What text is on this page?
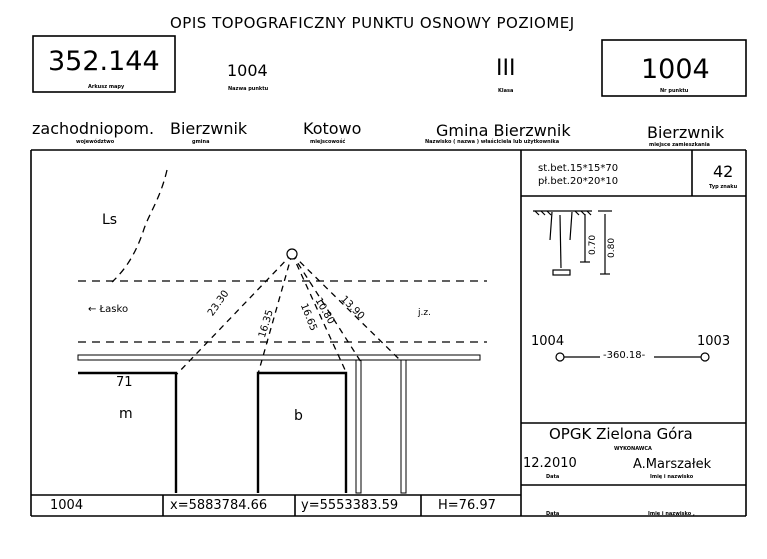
OPIS TOPOGRAFICZNY PUNKTU OSNOWY POZIOMEJ
352.144
Arkusz mapy
1004
Nazwa punktu
III
Klasa
1004
Nr punktu
zachodniopom. Bierzwnik
województwo	gmina
Kotowo
miejscowość
Gmina Bierzwnik
Nazwisko ( nazwa ) właściciela lub użytkownika	Bierzwnik
miejsce zamieszkania
Ls
← Łasko	j.z.
71
m	b
23.30
16.35 16.65
10.80 13.90
st.bet.15*15*70
pł.bet.20*20*10
42
Typ znaku
0.70 0.80
1004	1003
-360.18-
OPGK Zielona Góra
WYKONAWCA
12.2010
Data
A.Marszałek
Imię i nazwisko
Data	Imię i nazwisko ,
1004	x=5883784.66	y=5553383.59	H=76.97
